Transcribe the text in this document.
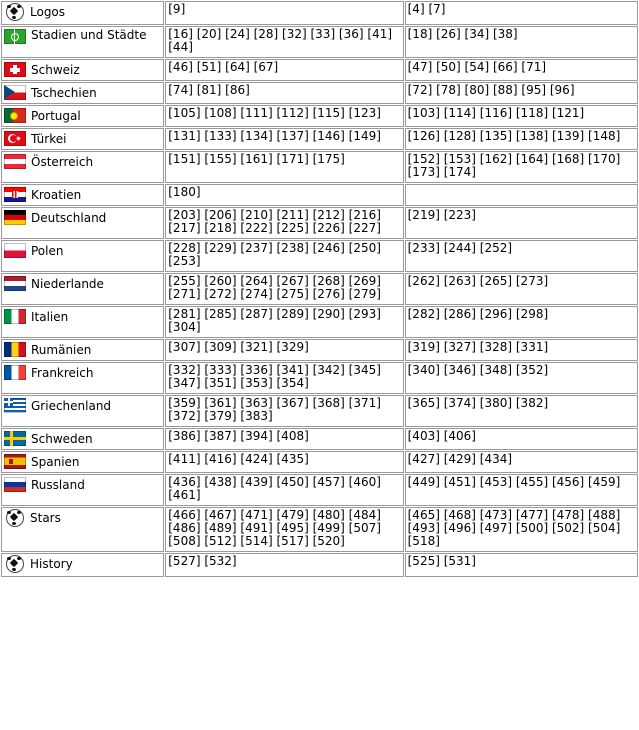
Logos	[9]	[4] [7]

Stadien und Städte	[16] [20] [24] [28] [32] [33] [36] [41] [44]	[18] [26] [34] [38]

Schweiz	[46] [51] [64] [67]	[47] [50] [54] [66] [71]

Tschechien	[74] [81] [86]	[72] [78] [80] [88] [95] [96]

Portugal	[105] [108] [111] [112] [115] [123]	[103] [114] [116] [118] [121]

Türkei	[131] [133] [134] [137] [146] [149]	[126] [128] [135] [138] [139] [148]

Österreich	[151] [155] [161] [171] [175]	[152] [153] [162] [164] [168] [170] [173] [174]

Kroatien	[180]	

Deutschland	[203] [206] [210] [211] [212] [216] [217] [218] [222] [225] [226] [227]	[219] [223]

Polen	[228] [229] [237] [238] [246] [250] [253]	[233] [244] [252]

Niederlande	[255] [260] [264] [267] [268] [269] [271] [272] [274] [275] [276] [279]	[262] [263] [265] [273]

Italien	[281] [285] [287] [289] [290] [293] [304]	[282] [286] [296] [298]

Rumänien	[307] [309] [321] [329]	[319] [327] [328] [331]

Frankreich	[332] [333] [336] [341] [342] [345] [347] [351] [353] [354]	[340] [346] [348] [352]

Griechenland	[359] [361] [363] [367] [368] [371] [372] [379] [383]	[365] [374] [380] [382]

Schweden	[386] [387] [394] [408]	[403] [406]

Spanien	[411] [416] [424] [435]	[427] [429] [434]

Russland	[436] [438] [439] [450] [457] [460] [461]	[449] [451] [453] [455] [456] [459]

Stars	[466] [467] [471] [479] [480] [484] [486] [489] [491] [495] [499] [507] [508] [512] [514] [517] [520]	[465] [468] [473] [477] [478] [488] [493] [496] [497] [500] [502] [504] [518]

History	[527] [532]	[525] [531]
